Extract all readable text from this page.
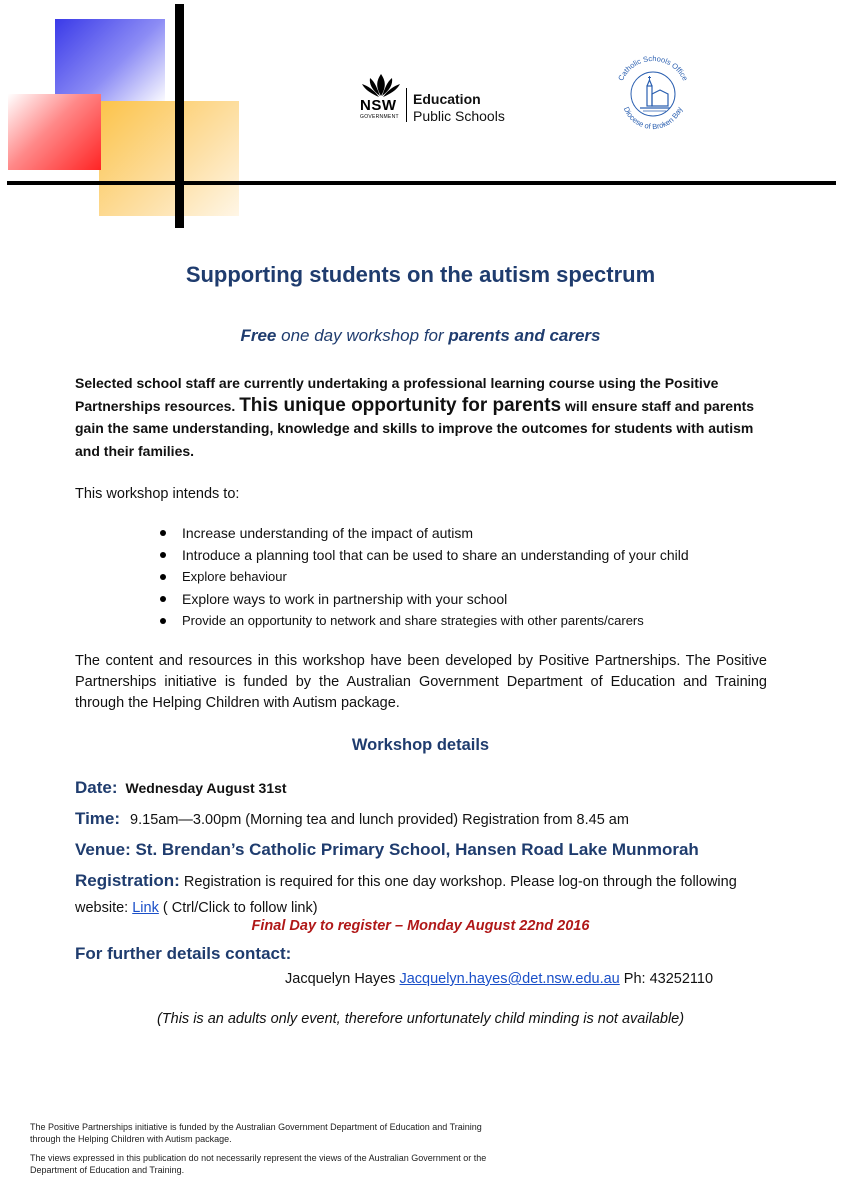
NSW
GOVERNMENT
Education
Public Schools
Catholic Schools Office
Diocese of Broken Bay
Supporting students on the autism spectrum
Free one day workshop for parents and carers
Selected school staff are currently undertaking a professional learning course using the Positive Partnerships resources. This unique opportunity for parents will ensure staff and parents gain the same understanding, knowledge and skills to improve the outcomes for students with autism and their families.
This workshop intends to:
Increase understanding of the impact of autism
Introduce a planning tool that can be used to share an understanding of your child
Explore behaviour
Explore ways to work in partnership with your school
Provide an opportunity to network and share strategies with other parents/carers
The content and resources in this workshop have been developed by Positive Partnerships. The Positive Partnerships initiative is funded by the Australian Government Department of Education and Training through the Helping Children with Autism package.
Workshop details
Date: Wednesday August 31st
Time: 9.15am—3.00pm (Morning tea and lunch provided) Registration from 8.45 am
Venue: St. Brendan’s Catholic Primary School, Hansen Road Lake Munmorah
Registration: Registration is required for this one day workshop. Please log-on through the following website: Link ( Ctrl/Click to follow link)
Final Day to register – Monday August 22nd 2016
For further details contact:
Jacquelyn Hayes Jacquelyn.hayes@det.nsw.edu.au Ph: 43252110
(This is an adults only event, therefore unfortunately child minding is not available)
The Positive Partnerships initiative is funded by the Australian Government Department of Education and Training through the Helping Children with Autism package.
The views expressed in this publication do not necessarily represent the views of the Australian Government or the Department of Education and Training.
